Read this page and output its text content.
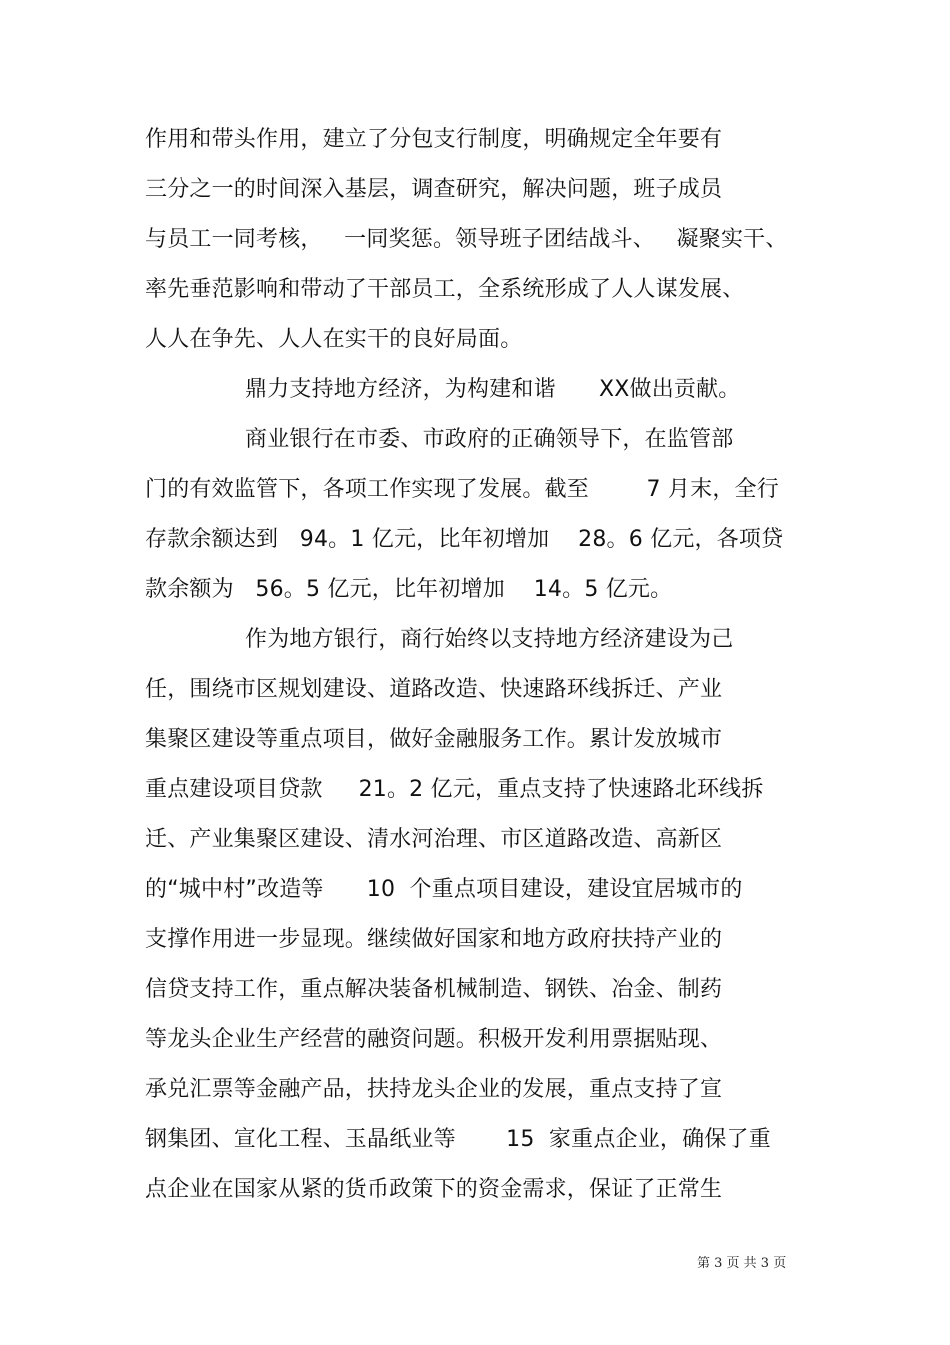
作用和带头作用，建立了分包支行制度，明确规定全年要有
三分之一的时间深入基层，调查研究，解决问题，班子成员
与员工一同考核，   一同奖惩。领导班子团结战斗、   凝聚实干、
率先垂范影响和带动了干部员工，全系统形成了人人谋发展、
人人在争先、人人在实干的良好局面。
鼎力支持地方经济，为构建和谐      XX做出贡献。
商业银行在市委、市政府的正确领导下，在监管部
门的有效监管下，各项工作实现了发展。截至        7 月末，全行
存款余额达到   94。1 亿元，比年初增加    28。6 亿元，各项贷
款余额为   56。5 亿元，比年初增加    14。5 亿元。
作为地方银行，商行始终以支持地方经济建设为己
任，围绕市区规划建设、道路改造、快速路环线拆迁、产业
集聚区建设等重点项目，做好金融服务工作。累计发放城市
重点建设项目贷款     21。2 亿元，重点支持了快速路北环线拆
迁、产业集聚区建设、清水河治理、市区道路改造、高新区
的“城中村”改造等      10  个重点项目建设，建设宜居城市的
支撑作用进一步显现。继续做好国家和地方政府扶持产业的
信贷支持工作，重点解决装备机械制造、钢铁、冶金、制药
等龙头企业生产经营的融资问题。积极开发利用票据贴现、
承兑汇票等金融产品，扶持龙头企业的发展，重点支持了宣
钢集团、宣化工程、玉晶纸业等       15  家重点企业，确保了重
点企业在国家从紧的货币政策下的资金需求，保证了正常生
第 3 页 共 3 页
